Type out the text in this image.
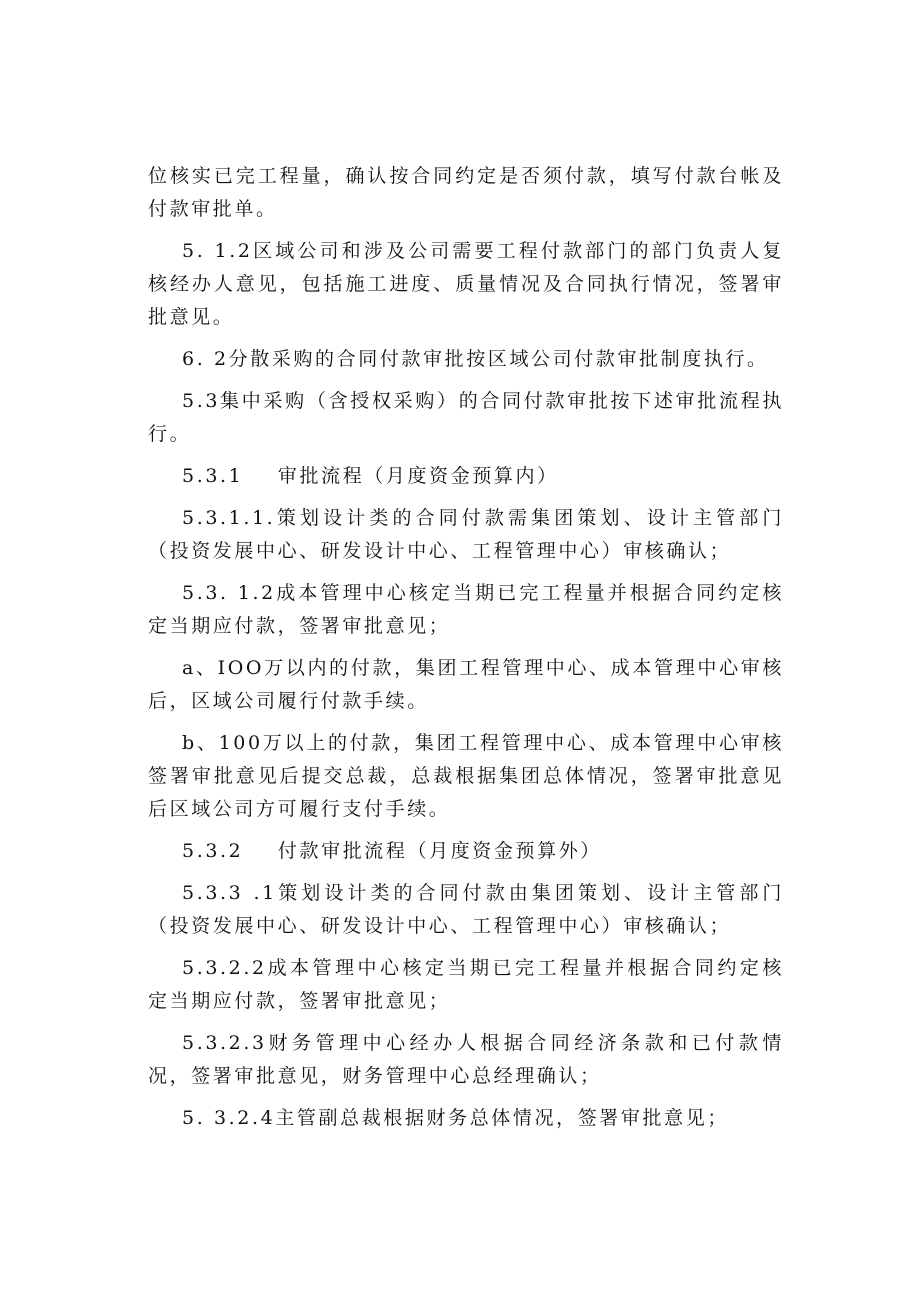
位核实已完工程量，确认按合同约定是否须付款，填写付款台帐及付款审批单。

5. 1.2区域公司和涉及公司需要工程付款部门的部门负责人复核经办人意见，包括施工进度、质量情况及合同执行情况，签署审批意见。

6. 2分散采购的合同付款审批按区域公司付款审批制度执行。

5.3集中采购（含授权采购）的合同付款审批按下述审批流程执行。

5.3.1    审批流程（月度资金预算内）

5.3.1.1.策划设计类的合同付款需集团策划、设计主管部门（投资发展中心、研发设计中心、工程管理中心）审核确认；

5.3. 1.2成本管理中心核定当期已完工程量并根据合同约定核定当期应付款，签署审批意见；

a、IOO万以内的付款，集团工程管理中心、成本管理中心审核后，区域公司履行付款手续。

b、100万以上的付款，集团工程管理中心、成本管理中心审核签署审批意见后提交总裁，总裁根据集团总体情况，签署审批意见后区域公司方可履行支付手续。

5.3.2    付款审批流程（月度资金预算外）

5.3.3 .1策划设计类的合同付款由集团策划、设计主管部门（投资发展中心、研发设计中心、工程管理中心）审核确认；

5.3.2.2成本管理中心核定当期已完工程量并根据合同约定核定当期应付款，签署审批意见；

5.3.2.3财务管理中心经办人根据合同经济条款和已付款情况，签署审批意见，财务管理中心总经理确认；

5. 3.2.4主管副总裁根据财务总体情况，签署审批意见；
